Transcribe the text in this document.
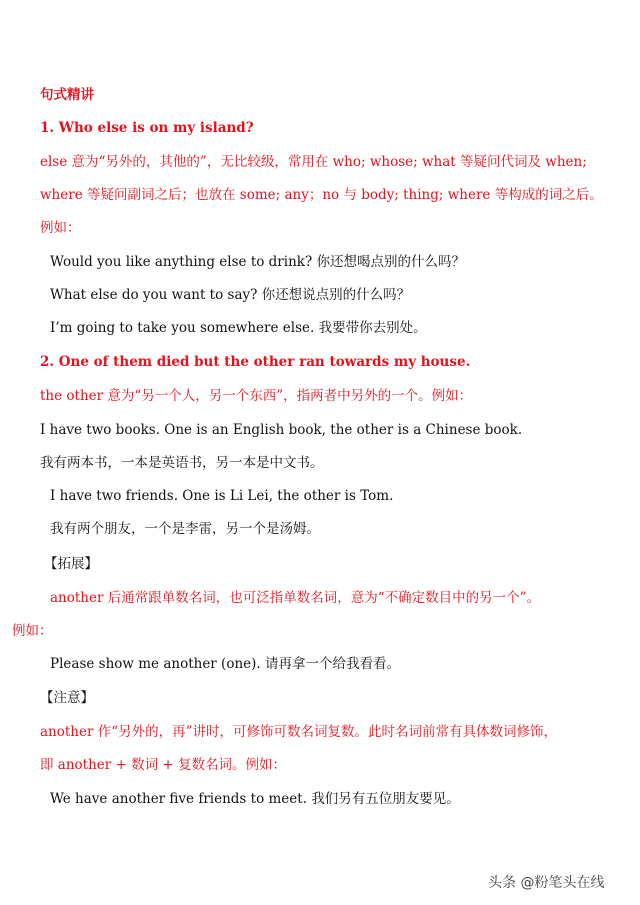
句式精讲
1. Who else is on my island?
else 意为“另外的，其他的”，无比较级，常用在 who; whose; what 等疑问代词及 when;
where 等疑问副词之后；也放在 some; any；no 与 body; thing; where 等构成的词之后。
例如：
Would you like anything else to drink? 你还想喝点别的什么吗？
What else do you want to say? 你还想说点别的什么吗？
I’m going to take you somewhere else. 我要带你去别处。
2. One of them died but the other ran towards my house.
the other 意为“另一个人，另一个东西”，指两者中另外的一个。例如：
I have two books. One is an English book, the other is a Chinese book.
我有两本书，一本是英语书，另一本是中文书。
I have two friends. One is Li Lei, the other is Tom.
我有两个朋友，一个是李雷，另一个是汤姆。
【拓展】
another 后通常跟单数名词，也可泛指单数名词，意为“不确定数目中的另一个”。
例如：
Please show me another (one). 请再拿一个给我看看。
【注意】
another 作“另外的，再”讲时，可修饰可数名词复数。此时名词前常有具体数词修饰，
即 another + 数词 + 复数名词。例如：
We have another five friends to meet. 我们另有五位朋友要见。
头条 @粉笔头在线
